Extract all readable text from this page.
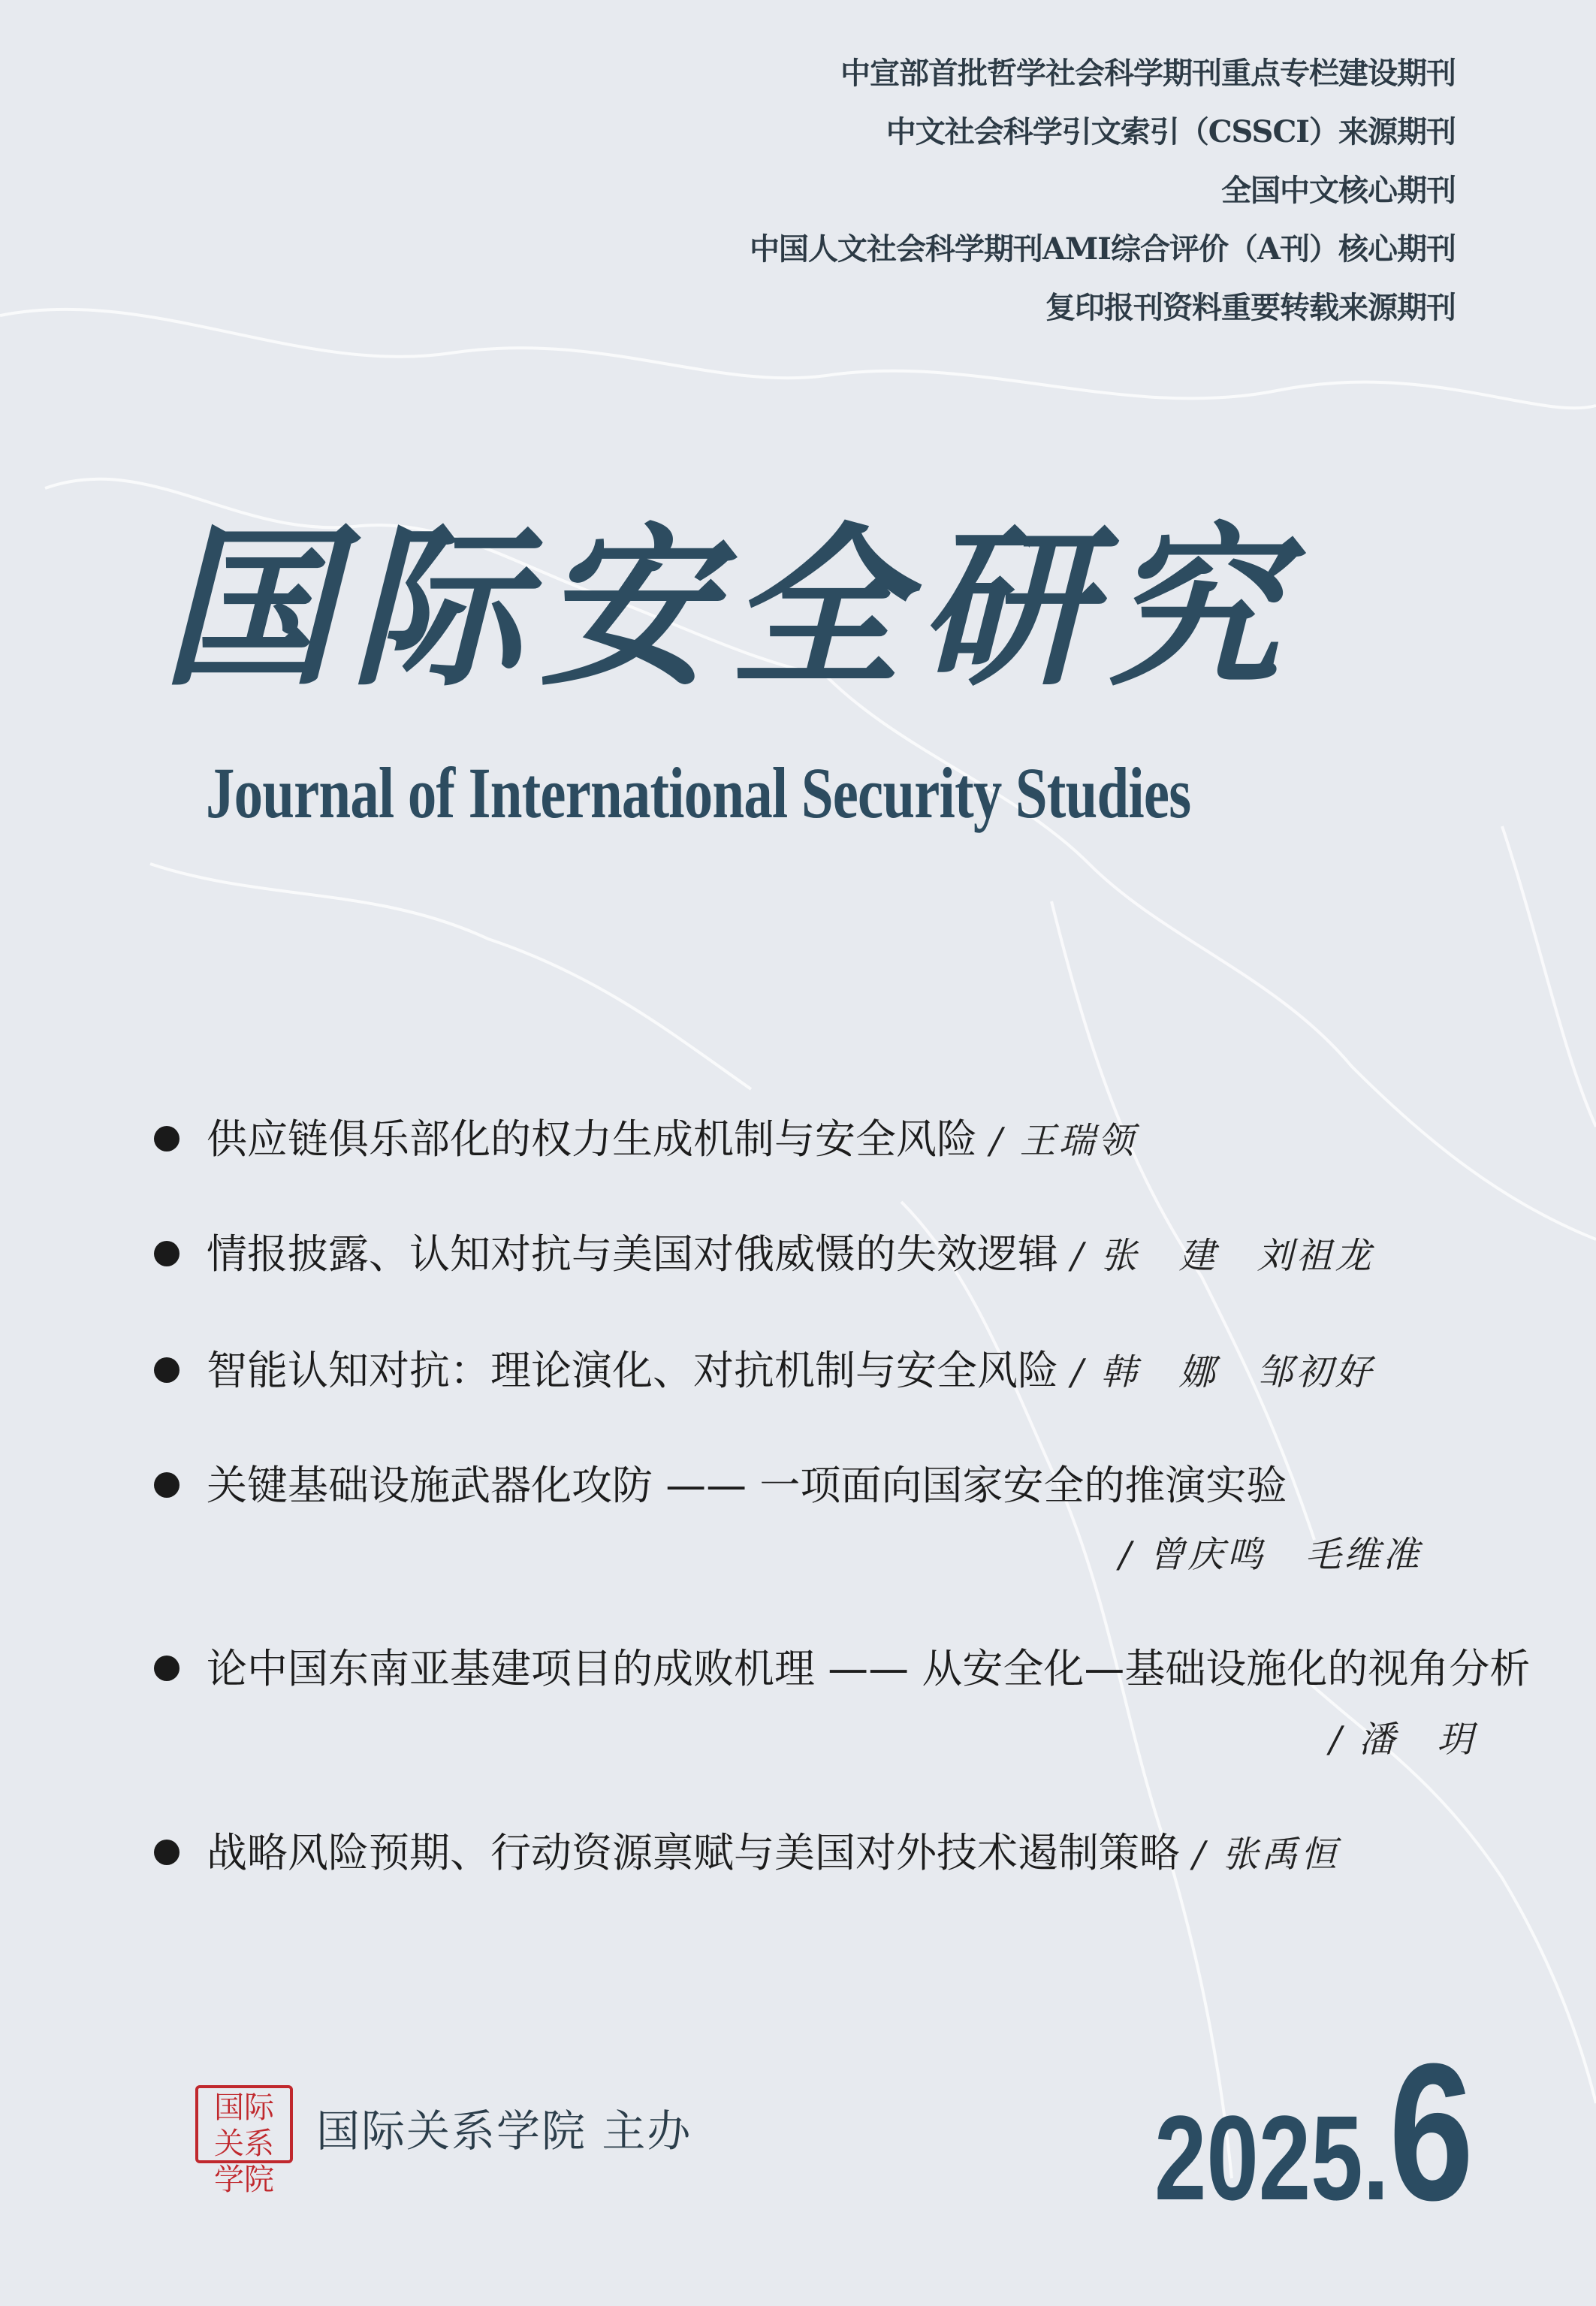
中宣部首批哲学社会科学期刊重点专栏建设期刊
中文社会科学引文索引（CSSCI）来源期刊
全国中文核心期刊
中国人文社会科学期刊AMI综合评价（A刊）核心期刊
复印报刊资料重要转载来源期刊
国际安全研究
Journal of International Security Studies
供应链俱乐部化的权力生成机制与安全风险 / 王瑞领
情报披露、认知对抗与美国对俄威慑的失效逻辑 / 张　建　刘祖龙
智能认知对抗：理论演化、对抗机制与安全风险 / 韩　娜　邹初好
关键基础设施武器化攻防 —— 一项面向国家安全的推演实验
/ 曾庆鸣　毛维准
论中国东南亚基建项目的成败机理 —— 从安全化—基础设施化的视角分析
/ 潘　玥
战略风险预期、行动资源禀赋与美国对外技术遏制策略 / 张禹恒
国际关系学院
国际关系学院 主办	2025.6
